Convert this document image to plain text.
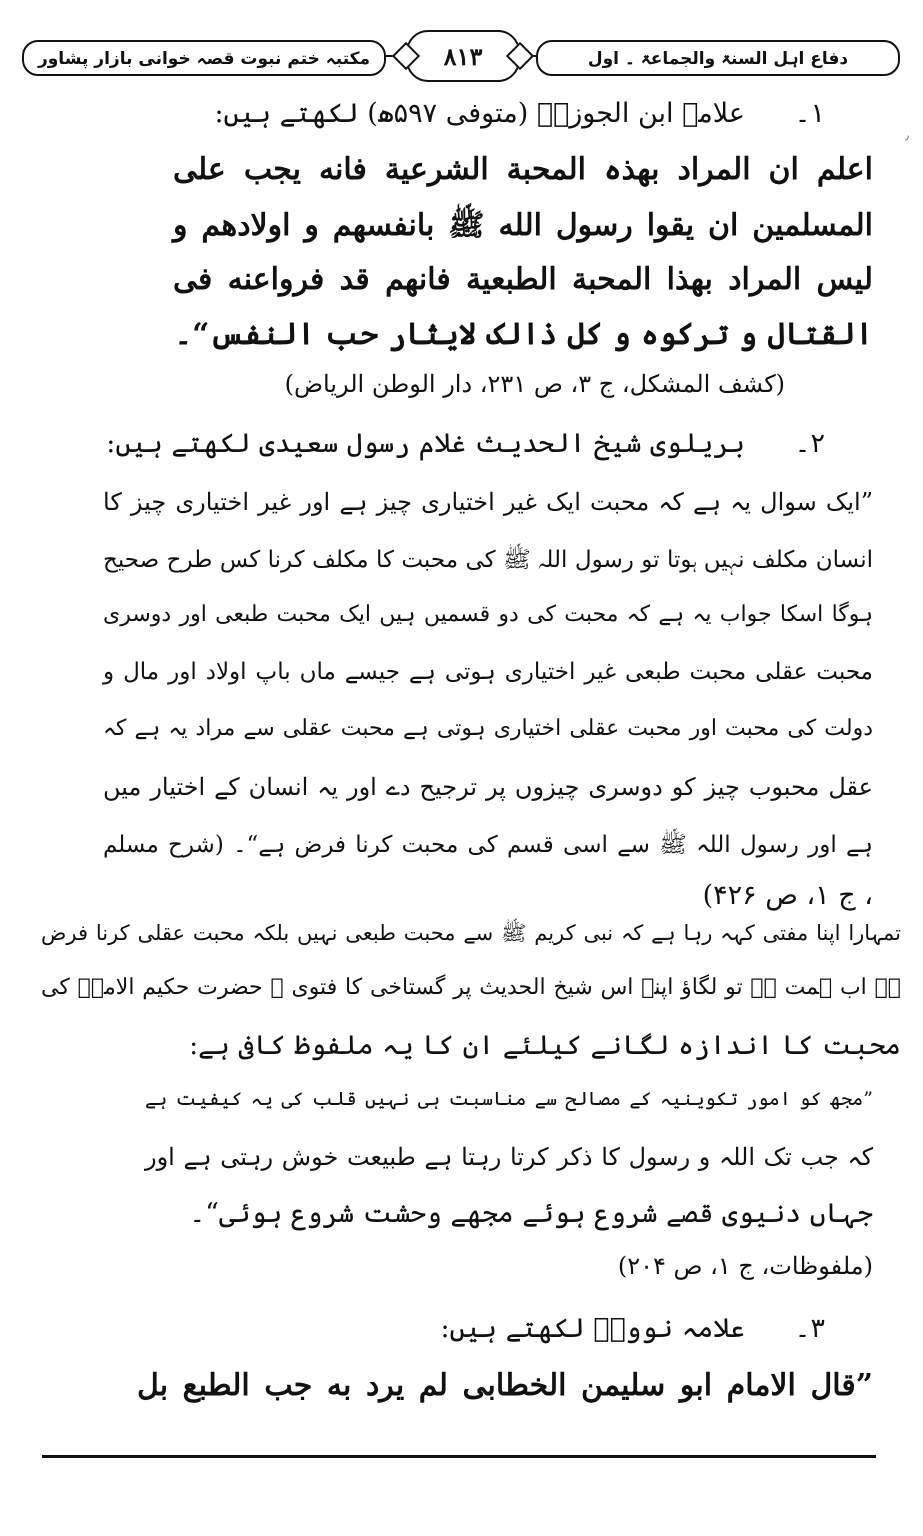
مکتبہ ختم نبوت قصہ خوانی بازار پشاور	۸۱۳	دفاع اہل السنۃ والجماعۃ ۔ اول
٫
۱۔
علامہ ابن الجوزیؒ (متوفی ۵۹۷ھ) لکھتے ہیں:
اعلم ان المراد بھذہ المحبة الشرعية فانه يجب علی
المسلمين ان يقوا رسول الله ﷺ بانفسهم و اولادهم و
ليس المراد بهذا المحبة الطبعية فانهم قد فرواعنه فی
القتال و تركوه و كل ذالک لايثار حب النفس“۔
(کشف المشکل، ج ۳، ص ۲۳۱، دار الوطن الریاض)
۲۔
بریلوی شیخ الحدیث غلام رسول سعیدی لکھتے ہیں:
”ایک سوال یہ ہے کہ محبت ایک غیر اختیاری چیز ہے اور غیر اختیاری چیز کا
انسان مکلف نہیں ہوتا تو رسول اللہ ﷺ کی محبت کا مکلف کرنا کس طرح صحیح
ہوگا اسکا جواب یہ ہے کہ محبت کی دو قسمیں ہیں ایک محبت طبعی اور دوسری
محبت عقلی محبت طبعی غیر اختیاری ہوتی ہے جیسے ماں باپ اولاد اور مال و
دولت کی محبت اور محبت عقلی اختیاری ہوتی ہے محبت عقلی سے مراد یہ ہے کہ
عقل محبوب چیز کو دوسری چیزوں پر ترجیح دے اور یہ انسان کے اختیار میں
ہے اور رسول اللہ ﷺ سے اسی قسم کی محبت کرنا فرض ہے“۔ (شرح مسلم
، ج ۱، ص ۴۲۶)
تمہارا اپنا مفتی کہہ رہا ہے کہ نبی کریم ﷺ سے محبت طبعی نہیں بلکہ محبت عقلی کرنا فرض
ہے اب ہمت ہے تو لگاؤ اپنے اس شیخ الحدیث پر گستاخی کا فتوی ۔ حضرت حکیم الامتؒ کی
محبت کا اندازہ لگانے کیلئے ان کا یہ ملفوظ کافی ہے:
”مجھ کو امور تکوینیہ کے مصالح سے مناسبت ہی نہیں قلب کی یہ کیفیت ہے
کہ جب تک اللہ و رسول کا ذکر کرتا رہتا ہے طبیعت خوش رہتی ہے اور
جہاں دنیوی قصے شروع ہوئے مجھے وحشت شروع ہوئی“۔
(ملفوظات، ج ۱، ص ۲۰۴)
۳۔
علامہ نوویؒ لکھتے ہیں:
”قال الامام ابو سليمن الخطابی لم يرد به جب الطبع بل
